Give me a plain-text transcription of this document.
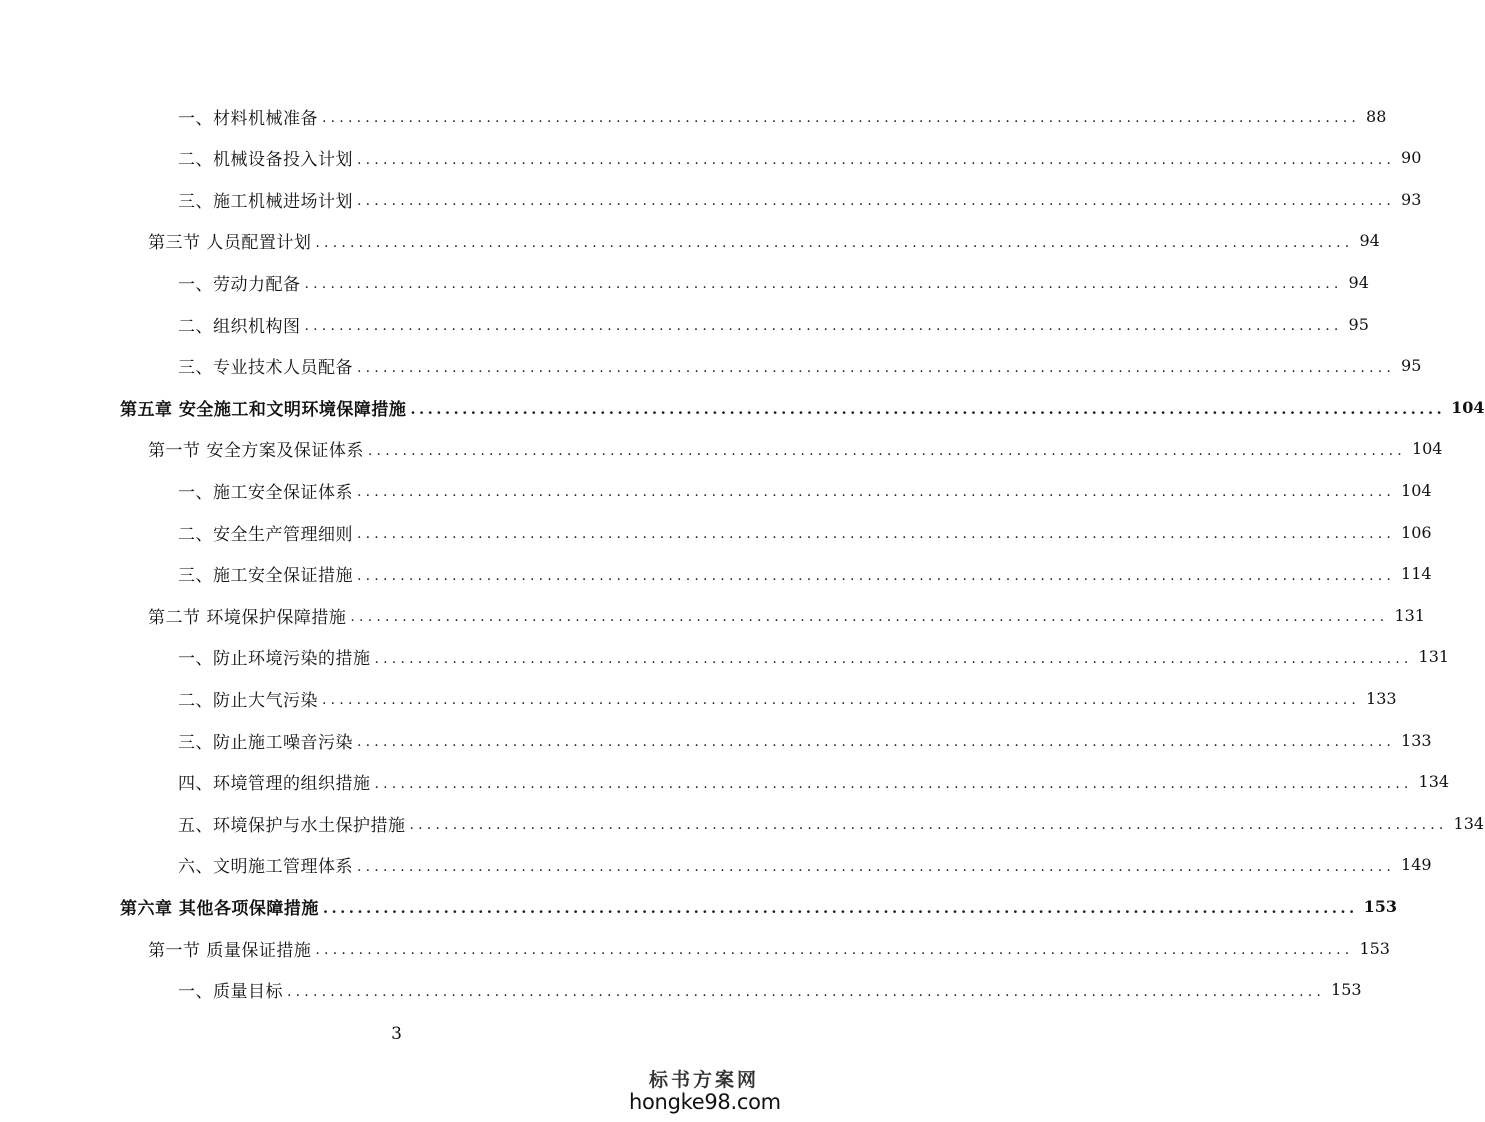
一、材料机械准备 ........................................................................................................................ 88
二、机械设备投入计划 ........................................................................................................................ 90
三、施工机械进场计划 ........................................................................................................................ 93
第三节 人员配置计划 ........................................................................................................................ 94
一、劳动力配备 ........................................................................................................................ 94
二、组织机构图 ........................................................................................................................ 95
三、专业技术人员配备 ........................................................................................................................ 95
第五章 安全施工和文明环境保障措施 ........................................................................................................................ 104
第一节 安全方案及保证体系 ........................................................................................................................ 104
一、施工安全保证体系 ........................................................................................................................ 104
二、安全生产管理细则 ........................................................................................................................ 106
三、施工安全保证措施 ........................................................................................................................ 114
第二节 环境保护保障措施 ........................................................................................................................ 131
一、防止环境污染的措施 ........................................................................................................................ 131
二、防止大气污染 ........................................................................................................................ 133
三、防止施工噪音污染 ........................................................................................................................ 133
四、环境管理的组织措施 ........................................................................................................................ 134
五、环境保护与水土保护措施 ........................................................................................................................ 134
六、文明施工管理体系 ........................................................................................................................ 149
第六章 其他各项保障措施 ........................................................................................................................ 153
第一节 质量保证措施 ........................................................................................................................ 153
一、质量目标 ........................................................................................................................ 153
3
标书方案网
hongke98.com
